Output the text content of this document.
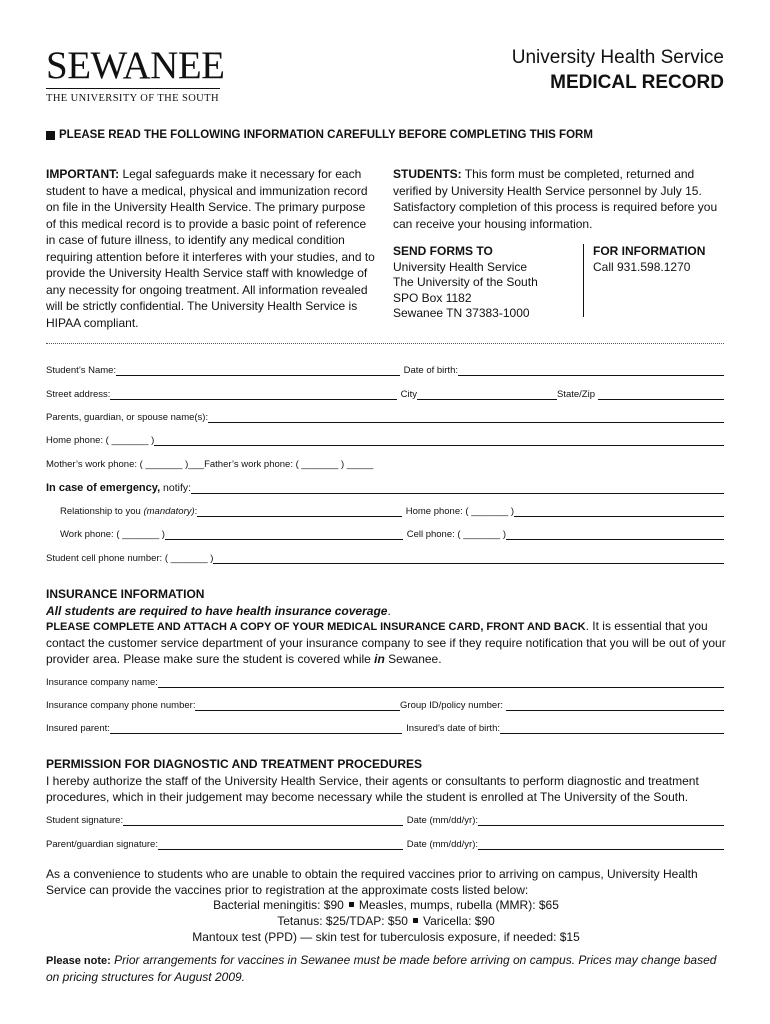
SEWANEE
THE UNIVERSITY OF THE SOUTH
University Health Service
MEDICAL RECORD
PLEASE READ THE FOLLOWING INFORMATION CAREFULLY BEFORE COMPLETING THIS FORM
IMPORTANT: Legal safeguards make it necessary for each student to have a medical, physical and immunization record on file in the University Health Service. The primary purpose of this medical record is to provide a basic point of reference in case of future illness, to identify any medical condition requiring attention before it interferes with your studies, and to provide the University Health Service staff with knowledge of any necessity for ongoing treatment. All information revealed will be strictly confidential. The University Health Service is HIPAA compliant.
STUDENTS: This form must be completed, returned and verified by University Health Service personnel by July 15. Satisfactory completion of this process is required before you can receive your housing information.
SEND FORMS TO
University Health Service
The University of the South
SPO Box 1182
Sewanee TN 37383-1000
FOR INFORMATION
Call 931.598.1270
Student’s Name:	Date of birth:
Street address:	City	State/Zip
Parents, guardian, or spouse name(s):
Home phone: ( _______ )
Mother’s work phone: ( _______ )___Father’s work phone: ( _______ ) _____
In case of emergency, notify:
Relationship to you (mandatory):	Home phone: ( _______ )
Work phone: ( _______ )	Cell phone: ( _______ )
Student cell phone number: ( _______ )
INSURANCE INFORMATION
All students are required to have health insurance coverage.
PLEASE COMPLETE AND ATTACH A COPY OF YOUR MEDICAL INSURANCE CARD, FRONT AND BACK. It is essential that you contact the customer service department of your insurance company to see if they require notification that you will be out of your provider area. Please make sure the student is covered while in Sewanee.
Insurance company name:
Insurance company phone number:	Group ID/policy number:
Insured parent:	Insured’s date of birth:
PERMISSION FOR DIAGNOSTIC AND TREATMENT PROCEDURES
I hereby authorize the staff of the University Health Service, their agents or consultants to perform diagnostic and treatment procedures, which in their judgement may become necessary while the student is enrolled at The University of the South.
Student signature:	Date (mm/dd/yr):
Parent/guardian signature:	Date (mm/dd/yr):
As a convenience to students who are unable to obtain the required vaccines prior to arriving on campus, University Health Service can provide the vaccines prior to registration at the approximate costs listed below:
Bacterial meningitis: $90 Measles, mumps, rubella (MMR): $65
Tetanus: $25/TDAP: $50 Varicella: $90
Mantoux test (PPD) — skin test for tuberculosis exposure, if needed: $15
Please note: Prior arrangements for vaccines in Sewanee must be made before arriving on campus. Prices may change based on pricing structures for August 2009.
